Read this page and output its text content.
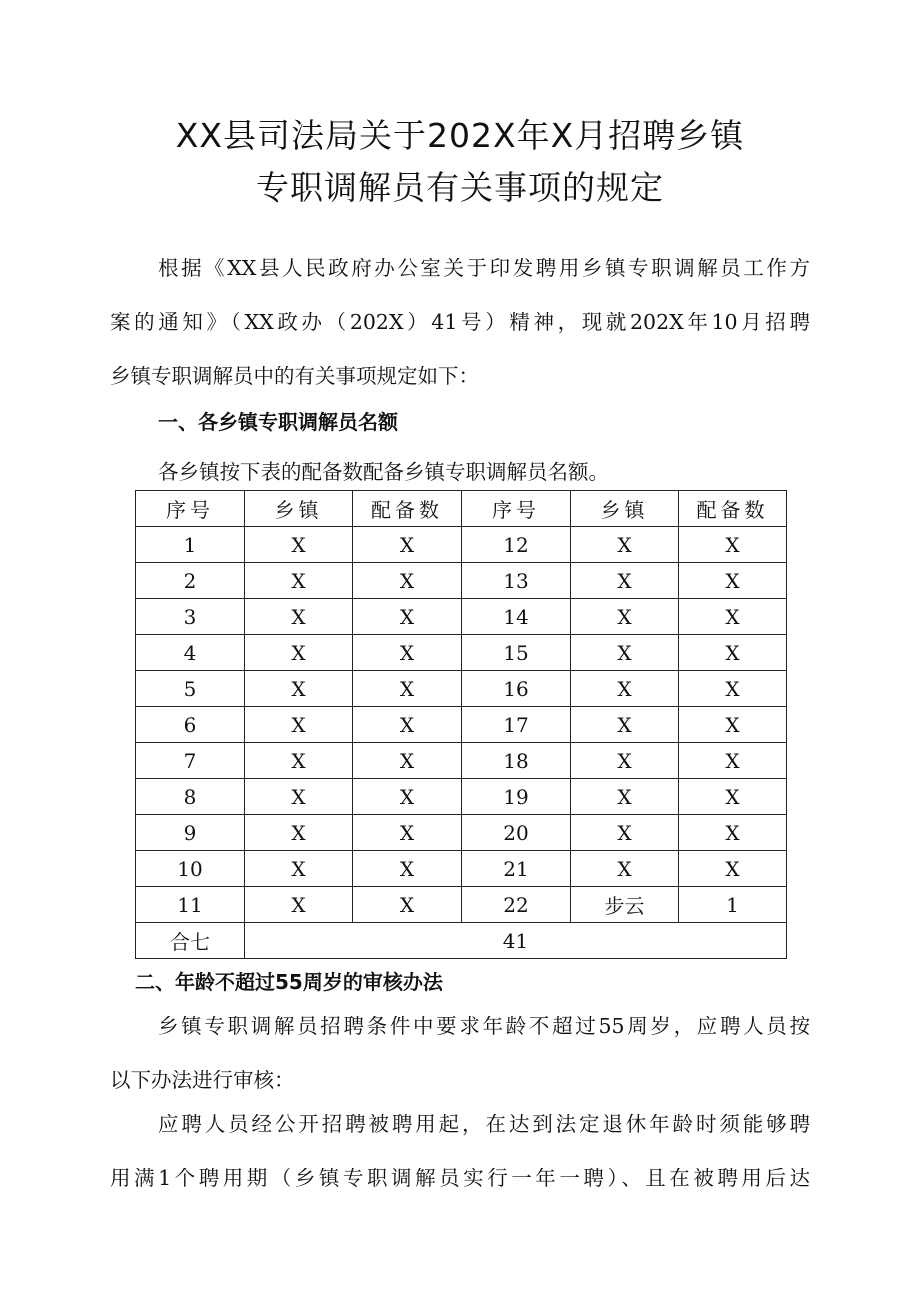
XX县司法局关于202X年X月招聘乡镇
专职调解员有关事项的规定
根据《XX县人民政府办公室关于印发聘用乡镇专职调解员工作方
案的通知》（XX政办（202X）41号）精神，现就202X年10月招聘
乡镇专职调解员中的有关事项规定如下：
一、各乡镇专职调解员名额
各乡镇按下表的配备数配备乡镇专职调解员名额。
序号	乡镇	配备数	序号	乡镇	配备数
1	X	X	12	X	X
2	X	X	13	X	X
3	X	X	14	X	X
4	X	X	15	X	X
5	X	X	16	X	X
6	X	X	17	X	X
7	X	X	18	X	X
8	X	X	19	X	X
9	X	X	20	X	X
10	X	X	21	X	X
11	X	X	22	步云	1
合七	41				
二、年龄不超过55周岁的审核办法
乡镇专职调解员招聘条件中要求年龄不超过55周岁，应聘人员按
以下办法进行审核：
应聘人员经公开招聘被聘用起，在达到法定退休年龄时须能够聘
用满1个聘用期（乡镇专职调解员实行一年一聘）、且在被聘用后达
